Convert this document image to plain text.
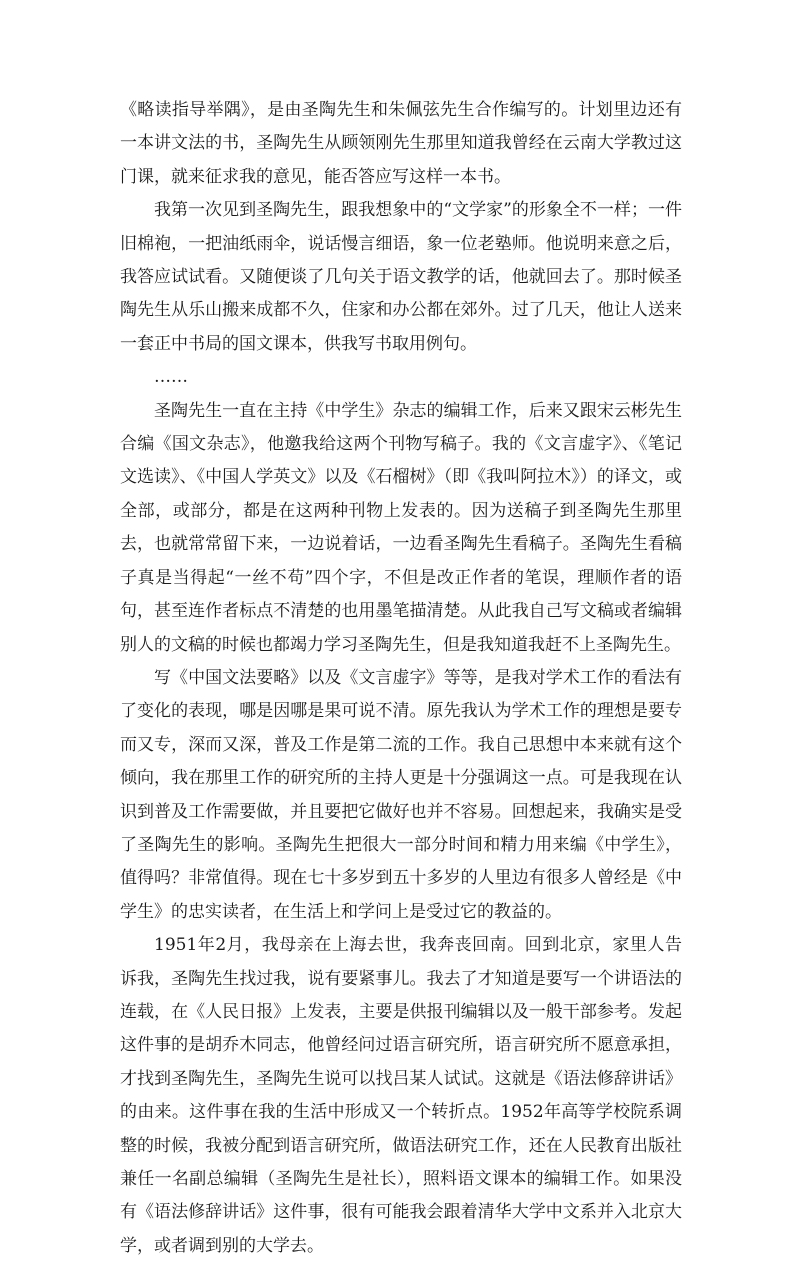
《略读指导举隅》，是由圣陶先生和朱佩弦先生合作编写的。计划里边还有一本讲文法的书，圣陶先生从顾领刚先生那里知道我曾经在云南大学教过这门课，就来征求我的意见，能否答应写这样一本书。

我第一次见到圣陶先生，跟我想象中的“文学家”的形象全不一样；一件旧棉袍，一把油纸雨伞，说话慢言细语，象一位老塾师。他说明来意之后，我答应试试看。又随便谈了几句关于语文教学的话，他就回去了。那时候圣陶先生从乐山搬来成都不久，住家和办公都在郊外。过了几天，他让人送来一套正中书局的国文课本，供我写书取用例句。

……

圣陶先生一直在主持《中学生》杂志的编辑工作，后来又跟宋云彬先生合编《国文杂志》，他邀我给这两个刊物写稿子。我的《文言虚字》、《笔记文选读》、《中国人学英文》以及《石榴树》（即《我叫阿拉木》）的译文，或全部，或部分，都是在这两种刊物上发表的。因为送稿子到圣陶先生那里去，也就常常留下来，一边说着话，一边看圣陶先生看稿子。圣陶先生看稿子真是当得起“一丝不苟”四个字，不但是改正作者的笔误，理顺作者的语句，甚至连作者标点不清楚的也用墨笔描清楚。从此我自己写文稿或者编辑别人的文稿的时候也都竭力学习圣陶先生，但是我知道我赶不上圣陶先生。

写《中国文法要略》以及《文言虚字》等等，是我对学术工作的看法有了变化的表现，哪是因哪是果可说不清。原先我认为学术工作的理想是要专而又专，深而又深，普及工作是第二流的工作。我自己思想中本来就有这个倾向，我在那里工作的研究所的主持人更是十分强调这一点。可是我现在认识到普及工作需要做，并且要把它做好也并不容易。回想起来，我确实是受了圣陶先生的影响。圣陶先生把很大一部分时间和精力用来编《中学生》，值得吗？非常值得。现在七十多岁到五十多岁的人里边有很多人曾经是《中学生》的忠实读者，在生活上和学问上是受过它的教益的。

1951年2月，我母亲在上海去世，我奔丧回南。回到北京，家里人告诉我，圣陶先生找过我，说有要紧事儿。我去了才知道是要写一个讲语法的连载，在《人民日报》上发表，主要是供报刊编辑以及一般干部参考。发起这件事的是胡乔木同志，他曾经问过语言研究所，语言研究所不愿意承担，才找到圣陶先生，圣陶先生说可以找吕某人试试。这就是《语法修辞讲话》的由来。这件事在我的生活中形成又一个转折点。1952年高等学校院系调整的时候，我被分配到语言研究所，做语法研究工作，还在人民教育出版社兼任一名副总编辑（圣陶先生是社长），照料语文课本的编辑工作。如果没有《语法修辞讲话》这件事，很有可能我会跟着清华大学中文系并入北京大学，或者调到别的大学去。
